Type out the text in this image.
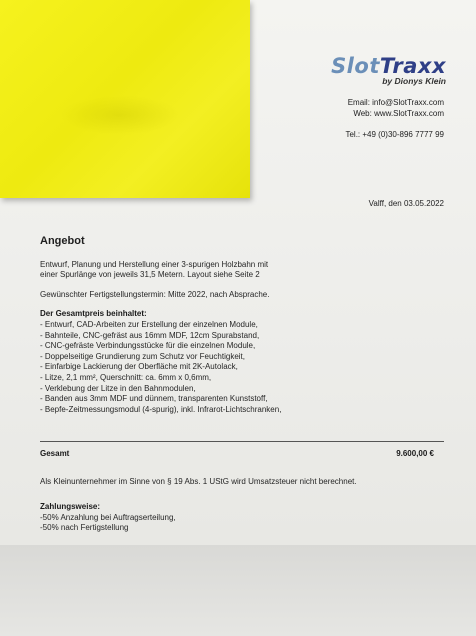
SlotTraxx
by Dionys Klein
Email: info@SlotTraxx.com
Web: www.SlotTraxx.com
Tel.: +49 (0)30-896 7777 99
Valff, den 03.05.2022
Angebot
Entwurf, Planung und Herstellung einer 3-spurigen Holzbahn mit
einer Spurlänge von jeweils 31,5 Metern. Layout siehe Seite 2
Gewünschter Fertigstellungstermin: Mitte 2022, nach Absprache.
Der Gesamtpreis beinhaltet:
- Entwurf, CAD-Arbeiten zur Erstellung der einzelnen Module,
- Bahnteile, CNC-gefräst aus 16mm MDF, 12cm Spurabstand,
- CNC-gefräste Verbindungsstücke für die einzelnen Module,
- Doppelseitige Grundierung zum Schutz vor Feuchtigkeit,
- Einfarbige Lackierung der Oberfläche mit 2K-Autolack,
- Litze, 2,1 mm², Querschnitt: ca. 6mm x 0,6mm,
- Verklebung der Litze in den Bahnmodulen,
- Banden aus 3mm MDF und dünnem, transparenten Kunststoff,
- Bepfe-Zeitmessungsmodul (4-spurig), inkl. Infrarot-Lichtschranken,
Gesamt	9.600,00 €
Als Kleinunternehmer im Sinne von § 19 Abs. 1 UStG wird Umsatzsteuer nicht berechnet.
Zahlungsweise:
-50% Anzahlung bei Auftragserteilung,
-50% nach Fertigstellung
